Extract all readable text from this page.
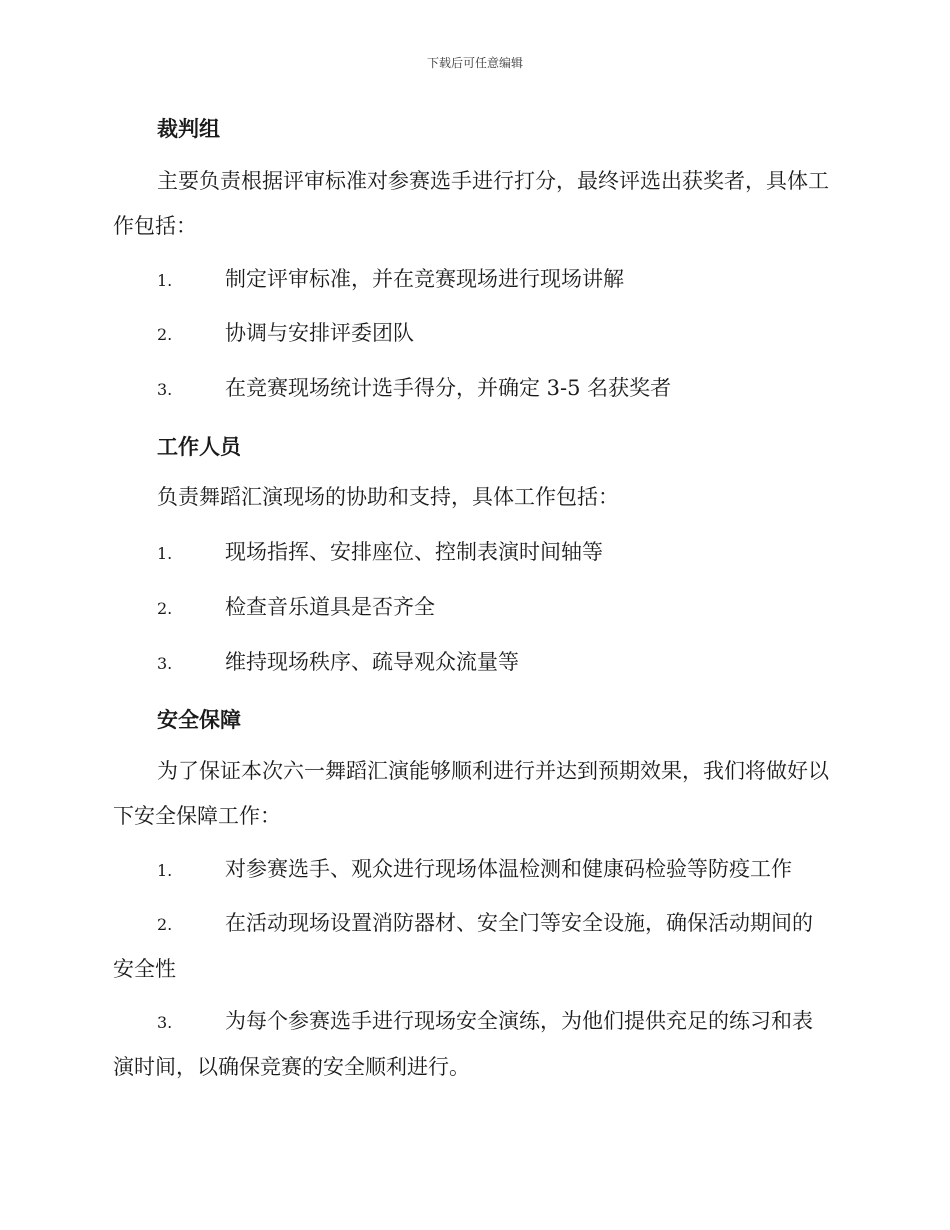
下载后可任意编辑
裁判组

主要负责根据评审标准对参赛选手进行打分，最终评选出获奖者，具体工作包括：

1.	制定评审标准，并在竞赛现场进行现场讲解

2.	协调与安排评委团队

3.	在竞赛现场统计选手得分，并确定 3-5 名获奖者

工作人员

负责舞蹈汇演现场的协助和支持，具体工作包括：

1.	现场指挥、安排座位、控制表演时间轴等

2.	检查音乐道具是否齐全

3.	维持现场秩序、疏导观众流量等

安全保障

为了保证本次六一舞蹈汇演能够顺利进行并达到预期效果，我们将做好以下安全保障工作：

1.	对参赛选手、观众进行现场体温检测和健康码检验等防疫工作

2.	在活动现场设置消防器材、安全门等安全设施，确保活动期间的安全性

3.	为每个参赛选手进行现场安全演练，为他们提供充足的练习和表演时间，以确保竞赛的安全顺利进行。
